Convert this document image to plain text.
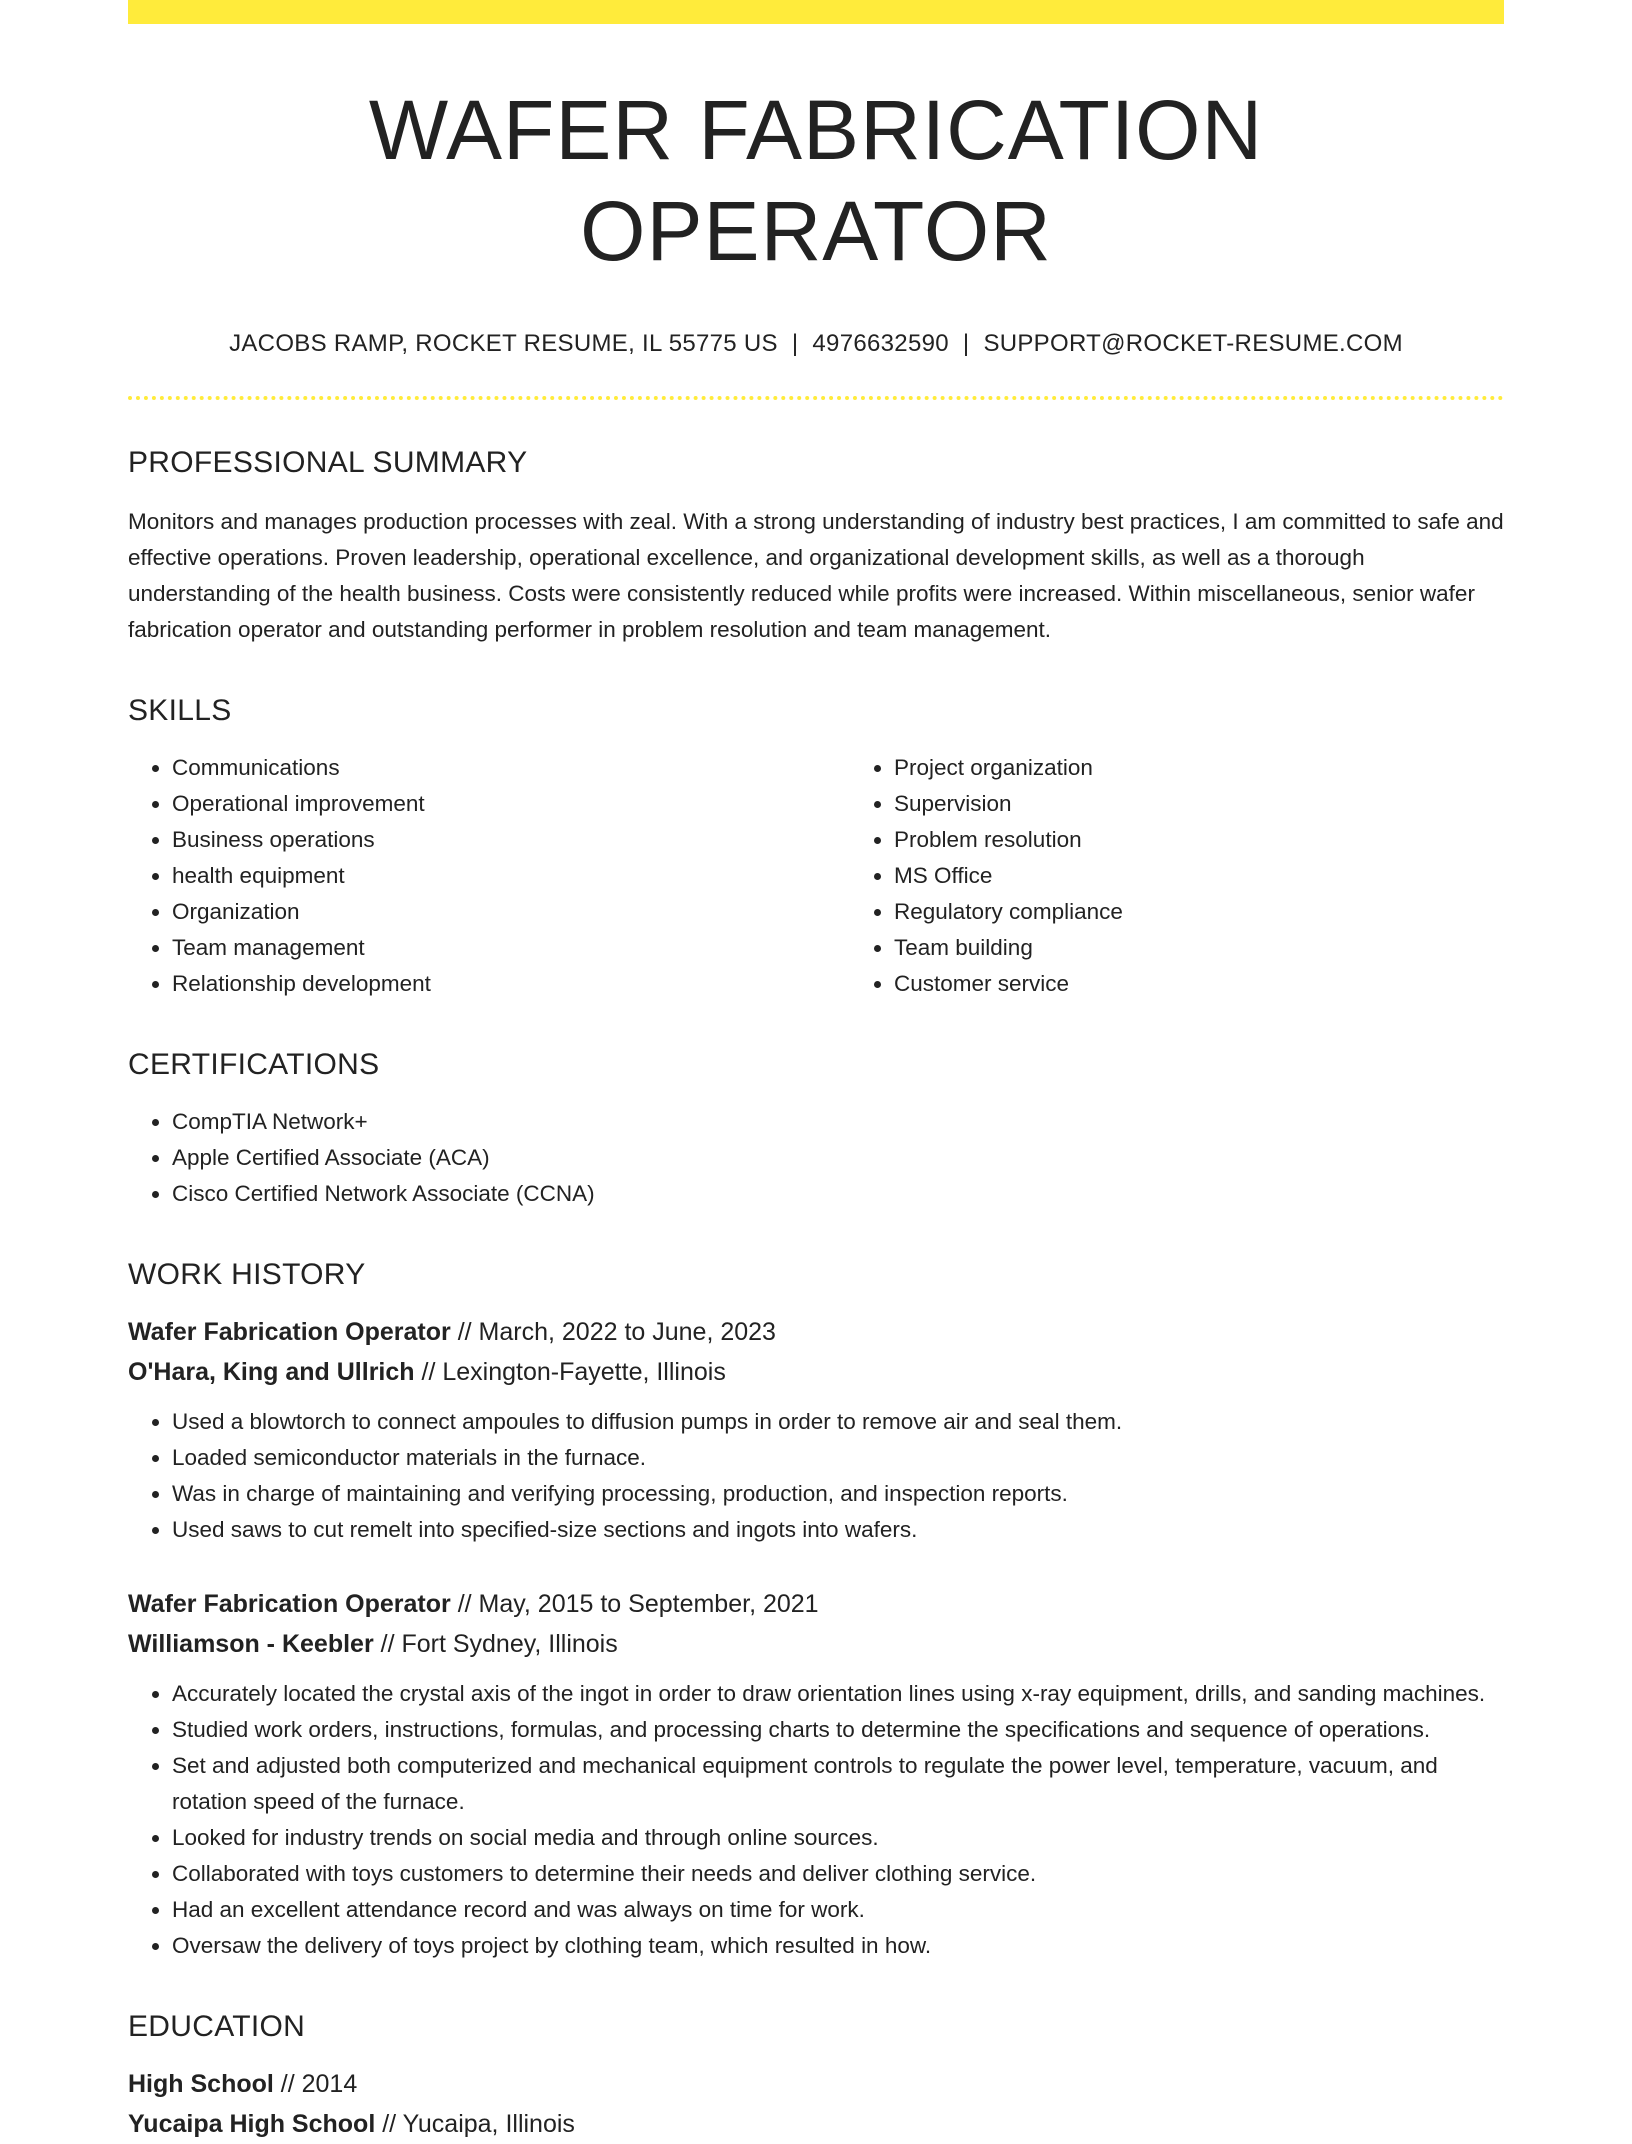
WAFER FABRICATION OPERATOR
JACOBS RAMP, ROCKET RESUME, IL 55775 US | 4976632590 | SUPPORT@ROCKET-RESUME.COM
PROFESSIONAL SUMMARY

Monitors and manages production processes with zeal. With a strong understanding of industry best practices, I am committed to safe and effective operations. Proven leadership, operational excellence, and organizational development skills, as well as a thorough understanding of the health business. Costs were consistently reduced while profits were increased. Within miscellaneous, senior wafer fabrication operator and outstanding performer in problem resolution and team management.

SKILLS
• Communications
• Operational improvement
• Business operations
• health equipment
• Organization
• Team management
• Relationship development
• Project organization
• Supervision
• Problem resolution
• MS Office
• Regulatory compliance
• Team building
• Customer service
CERTIFICATIONS
• CompTIA Network+
• Apple Certified Associate (ACA)
• Cisco Certified Network Associate (CCNA)
WORK HISTORY
Wafer Fabrication Operator // March, 2022 to June, 2023
O'Hara, King and Ullrich // Lexington-Fayette, Illinois
• Used a blowtorch to connect ampoules to diffusion pumps in order to remove air and seal them.
• Loaded semiconductor materials in the furnace.
• Was in charge of maintaining and verifying processing, production, and inspection reports.
• Used saws to cut remelt into specified-size sections and ingots into wafers.
Wafer Fabrication Operator // May, 2015 to September, 2021
Williamson - Keebler // Fort Sydney, Illinois
• Accurately located the crystal axis of the ingot in order to draw orientation lines using x-ray equipment, drills, and sanding machines.
• Studied work orders, instructions, formulas, and processing charts to determine the specifications and sequence of operations.
• Set and adjusted both computerized and mechanical equipment controls to regulate the power level, temperature, vacuum, and rotation speed of the furnace.
• Looked for industry trends on social media and through online sources.
• Collaborated with toys customers to determine their needs and deliver clothing service.
• Had an excellent attendance record and was always on time for work.
• Oversaw the delivery of toys project by clothing team, which resulted in how.
EDUCATION
High School // 2014
Yucaipa High School // Yucaipa, Illinois
